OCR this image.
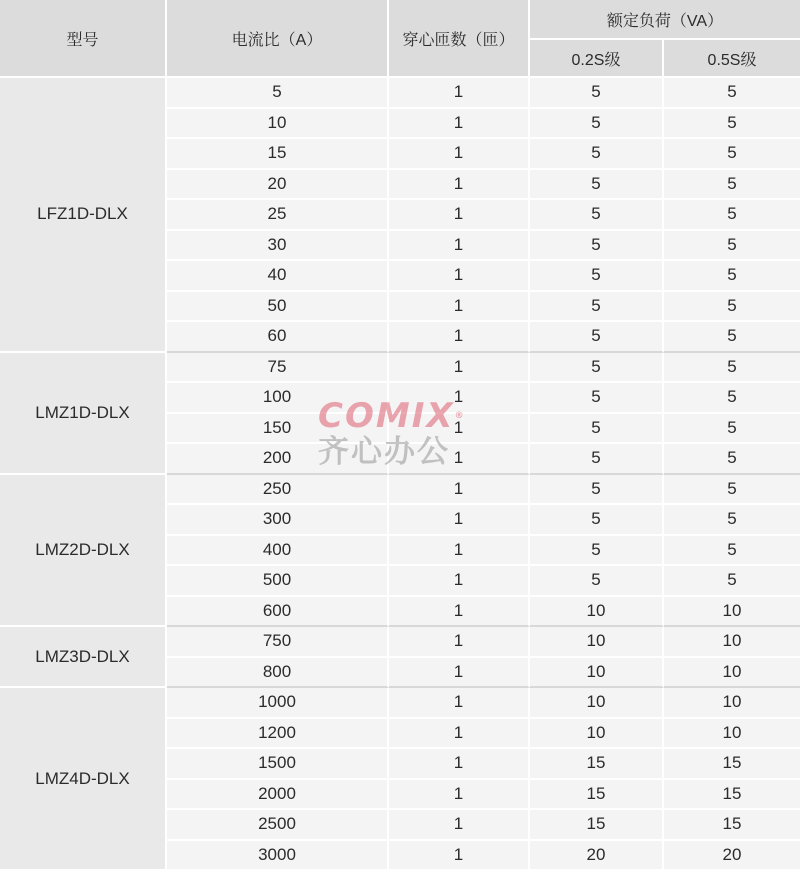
型号	电流比（A）	穿心匝数（匝）	额定负荷（VA）	
			0.2S级	0.5S级
LFZ1D-DLX	5	1	5	5
	10	1	5	5
	15	1	5	5
	20	1	5	5
	25	1	5	5
	30	1	5	5
	40	1	5	5
	50	1	5	5
	60	1	5	5
LMZ1D-DLX	75	1	5	5
	100	1	5	5
	150	1	5	5
	200	1	5	5
LMZ2D-DLX	250	1	5	5
	300	1	5	5
	400	1	5	5
	500	1	5	5
	600	1	10	10
LMZ3D-DLX	750	1	10	10
	800	1	10	10
LMZ4D-DLX	1000	1	10	10
	1200	1	10	10
	1500	1	15	15
	2000	1	15	15
	2500	1	15	15
	3000	1	20	20
COMIX®
齐心办公
